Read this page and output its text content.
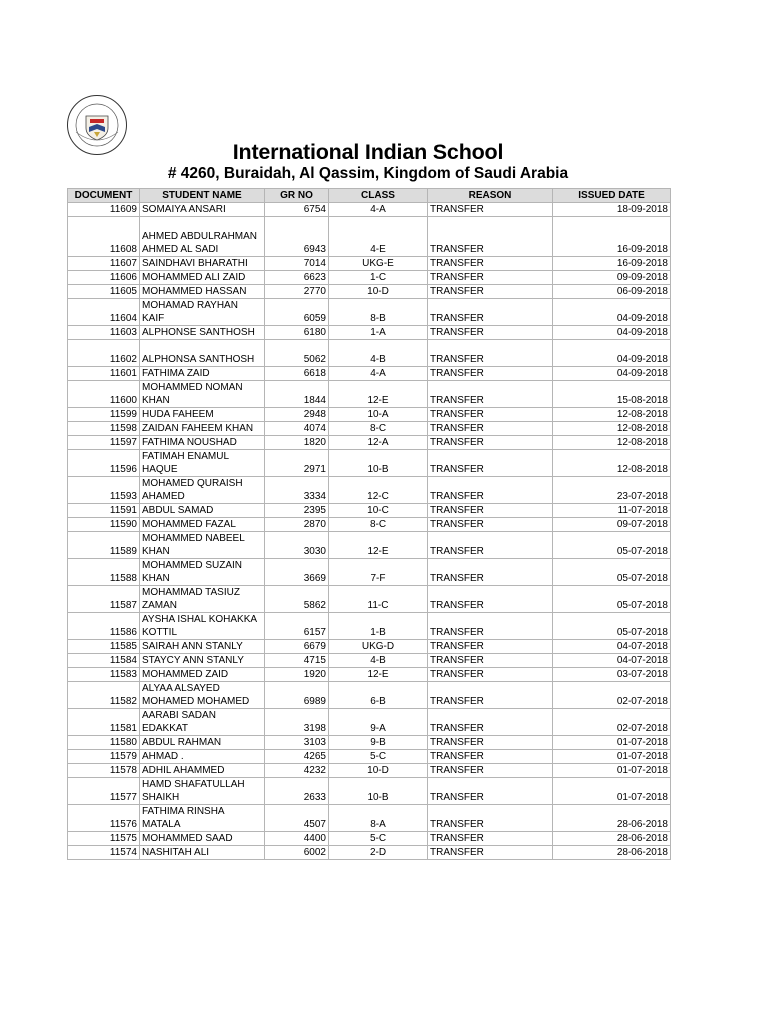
International Indian School
# 4260, Buraidah, Al Qassim, Kingdom of Saudi Arabia
DOCUMENT	STUDENT NAME	GR NO	CLASS	REASON	ISSUED DATE
11609	SOMAIYA ANSARI	6754	4-A	TRANSFER	18-09-2018
11608	AHMED ABDULRAHMAN AHMED AL SADI	6943	4-E	TRANSFER	16-09-2018
11607	SAINDHAVI BHARATHI	7014	UKG-E	TRANSFER	16-09-2018
11606	MOHAMMED ALI ZAID	6623	1-C	TRANSFER	09-09-2018
11605	MOHAMMED HASSAN	2770	10-D	TRANSFER	06-09-2018
11604	MOHAMAD RAYHAN KAIF	6059	8-B	TRANSFER	04-09-2018
11603	ALPHONSE SANTHOSH	6180	1-A	TRANSFER	04-09-2018
11602	ALPHONSA SANTHOSH	5062	4-B	TRANSFER	04-09-2018
11601	FATHIMA ZAID	6618	4-A	TRANSFER	04-09-2018
11600	MOHAMMED NOMAN KHAN	1844	12-E	TRANSFER	15-08-2018
11599	HUDA FAHEEM	2948	10-A	TRANSFER	12-08-2018
11598	ZAIDAN FAHEEM KHAN	4074	8-C	TRANSFER	12-08-2018
11597	FATHIMA NOUSHAD	1820	12-A	TRANSFER	12-08-2018
11596	FATIMAH ENAMUL HAQUE	2971	10-B	TRANSFER	12-08-2018
11593	MOHAMED QURAISH AHAMED	3334	12-C	TRANSFER	23-07-2018
11591	ABDUL SAMAD	2395	10-C	TRANSFER	11-07-2018
11590	MOHAMMED FAZAL	2870	8-C	TRANSFER	09-07-2018
11589	MOHAMMED NABEEL KHAN	3030	12-E	TRANSFER	05-07-2018
11588	MOHAMMED SUZAIN KHAN	3669	7-F	TRANSFER	05-07-2018
11587	MOHAMMAD TASIUZ ZAMAN	5862	11-C	TRANSFER	05-07-2018
11586	AYSHA ISHAL KOHAKKA KOTTIL	6157	1-B	TRANSFER	05-07-2018
11585	SAIRAH ANN STANLY	6679	UKG-D	TRANSFER	04-07-2018
11584	STAYCY ANN STANLY	4715	4-B	TRANSFER	04-07-2018
11583	MOHAMMED ZAID	1920	12-E	TRANSFER	03-07-2018
11582	ALYAA ALSAYED MOHAMED MOHAMED	6989	6-B	TRANSFER	02-07-2018
11581	AARABI SADAN EDAKKAT	3198	9-A	TRANSFER	02-07-2018
11580	ABDUL RAHMAN	3103	9-B	TRANSFER	01-07-2018
11579	AHMAD .	4265	5-C	TRANSFER	01-07-2018
11578	ADHIL AHAMMED	4232	10-D	TRANSFER	01-07-2018
11577	HAMD SHAFATULLAH SHAIKH	2633	10-B	TRANSFER	01-07-2018
11576	FATHIMA RINSHA MATALA	4507	8-A	TRANSFER	28-06-2018
11575	MOHAMMED SAAD	4400	5-C	TRANSFER	28-06-2018
11574	NASHITAH ALI	6002	2-D	TRANSFER	28-06-2018
